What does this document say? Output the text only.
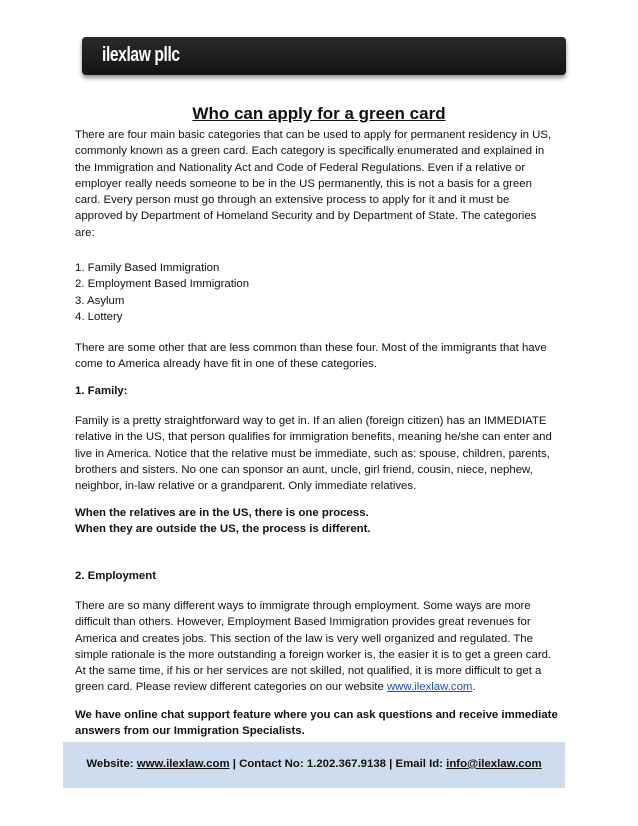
ilexlaw pllc
Who can apply for a green card
There are four main basic categories that can be used to apply for permanent residency in US,
commonly known as a green card. Each category is specifically enumerated and explained in
the Immigration and Nationality Act and Code of Federal Regulations. Even if a relative or
employer really needs someone to be in the US permanently, this is not a basis for a green
card. Every person must go through an extensive process to apply for it and it must be
approved by Department of Homeland Security and by Department of State. The categories
are:
1. Family Based Immigration
2. Employment Based Immigration
3. Asylum
4. Lottery
There are some other that are less common than these four. Most of the immigrants that have
come to America already have fit in one of these categories.
1. Family:
Family is a pretty straightforward way to get in. If an alien (foreign citizen) has an IMMEDIATE
relative in the US, that person qualifies for immigration benefits, meaning he/she can enter and
live in America. Notice that the relative must be immediate, such as: spouse, children, parents,
brothers and sisters. No one can sponsor an aunt, uncle, girl friend, cousin, niece, nephew,
neighbor, in-law relative or a grandparent. Only immediate relatives.
When the relatives are in the US, there is one process.
When they are outside the US, the process is different.
2. Employment
There are so many different ways to immigrate through employment. Some ways are more
difficult than others. However, Employment Based Immigration provides great revenues for
America and creates jobs. This section of the law is very well organized and regulated. The
simple rationale is the more outstanding a foreign worker is, the easier it is to get a green card.
At the same time, if his or her services are not skilled, not qualified, it is more difficult to get a
green card. Please review different categories on our website www.ilexlaw.com.
We have online chat support feature where you can ask questions and receive immediate
answers from our Immigration Specialists.
Website: www.ilexlaw.com | Contact No: 1.202.367.9138 | Email Id: info@ilexlaw.com
